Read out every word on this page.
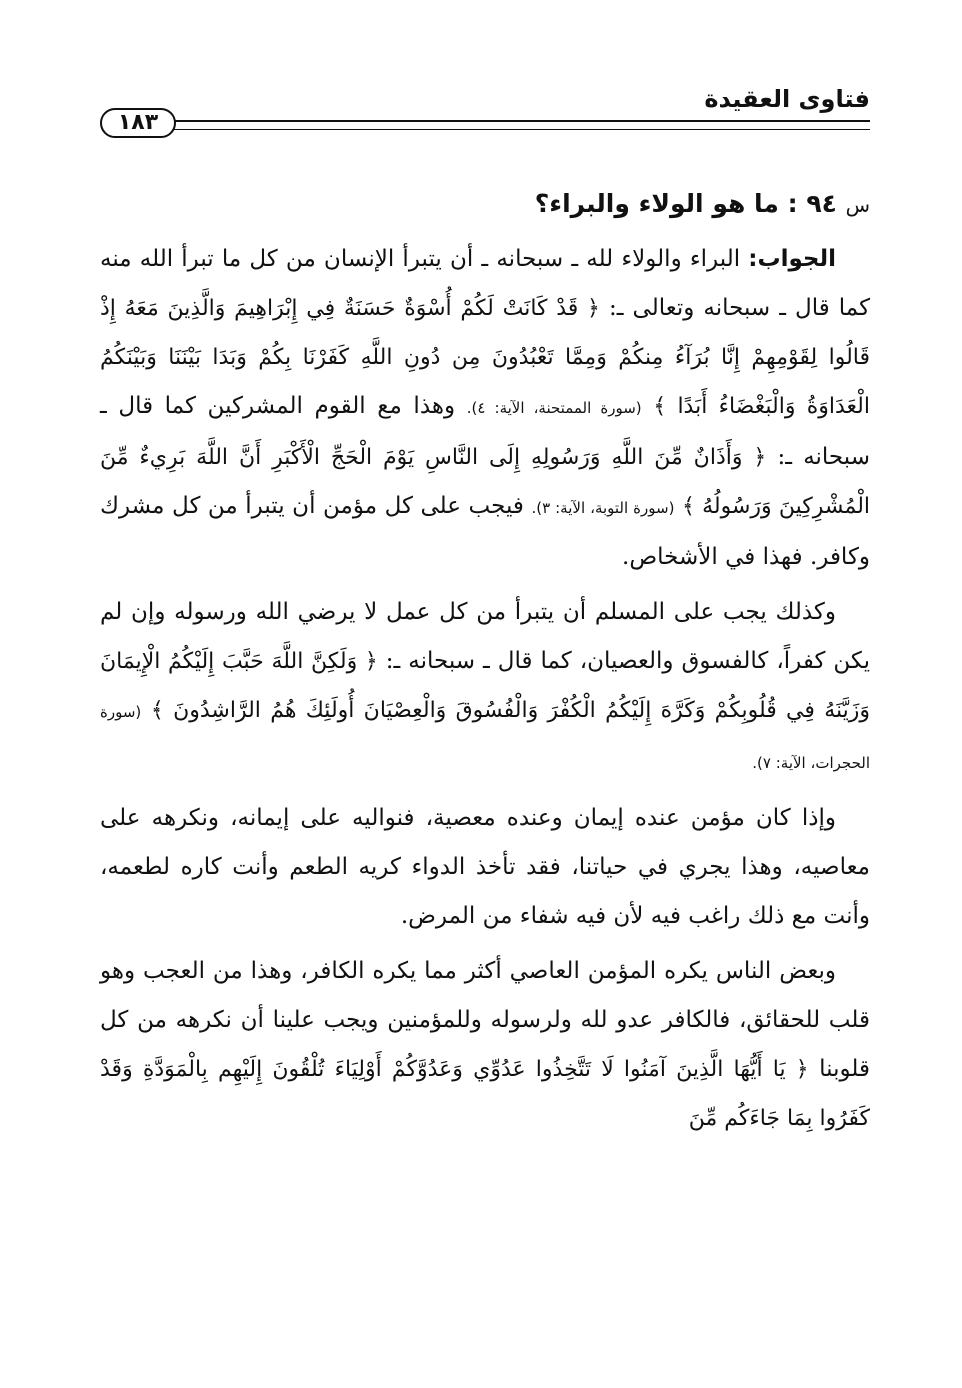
فتاوى العقيدة
١٨٣
س ٩٤ : ما هو الولاء والبراء؟

الجواب: البراء والولاء لله ـ سبحانه ـ أن يتبرأ الإنسان من كل ما تبرأ الله منه كما قال ـ سبحانه وتعالى ـ: ﴿ قَدْ كَانَتْ لَكُمْ أُسْوَةٌ حَسَنَةٌ فِي إِبْرَاهِيمَ وَالَّذِينَ مَعَهُ إِذْ قَالُوا لِقَوْمِهِمْ إِنَّا بُرَآءُ مِنكُمْ وَمِمَّا تَعْبُدُونَ مِن دُونِ اللَّهِ كَفَرْنَا بِكُمْ وَبَدَا بَيْنَنَا وَبَيْنَكُمُ الْعَدَاوَةُ وَالْبَغْضَاءُ أَبَدًا ﴾ (سورة الممتحنة، الآية: ٤). وهذا مع القوم المشركين كما قال ـ سبحانه ـ: ﴿ وَأَذَانٌ مِّنَ اللَّهِ وَرَسُولِهِ إِلَى النَّاسِ يَوْمَ الْحَجِّ الْأَكْبَرِ أَنَّ اللَّهَ بَرِيءٌ مِّنَ الْمُشْرِكِينَ وَرَسُولُهُ ﴾ (سورة التوبة، الآية: ٣). فيجب على كل مؤمن أن يتبرأ من كل مشرك وكافر. فهذا في الأشخاص.

وكذلك يجب على المسلم أن يتبرأ من كل عمل لا يرضي الله ورسوله وإن لم يكن كفراً، كالفسوق والعصيان، كما قال ـ سبحانه ـ: ﴿ وَلَكِنَّ اللَّهَ حَبَّبَ إِلَيْكُمُ الْإِيمَانَ وَزَيَّنَهُ فِي قُلُوبِكُمْ وَكَرَّهَ إِلَيْكُمُ الْكُفْرَ وَالْفُسُوقَ وَالْعِصْيَانَ أُولَئِكَ هُمُ الرَّاشِدُونَ ﴾ (سورة الحجرات، الآية: ٧).

وإذا كان مؤمن عنده إيمان وعنده معصية، فنواليه على إيمانه، ونكرهه على معاصيه، وهذا يجري في حياتنا، فقد تأخذ الدواء كريه الطعم وأنت كاره لطعمه، وأنت مع ذلك راغب فيه لأن فيه شفاء من المرض.

وبعض الناس يكره المؤمن العاصي أكثر مما يكره الكافر، وهذا من العجب وهو قلب للحقائق، فالكافر عدو لله ولرسوله وللمؤمنين ويجب علينا أن نكرهه من كل قلوبنا ﴿ يَا أَيُّهَا الَّذِينَ آمَنُوا لَا تَتَّخِذُوا عَدُوِّي وَعَدُوَّكُمْ أَوْلِيَاءَ تُلْقُونَ إِلَيْهِم بِالْمَوَدَّةِ وَقَدْ كَفَرُوا بِمَا جَاءَكُم مِّنَ
